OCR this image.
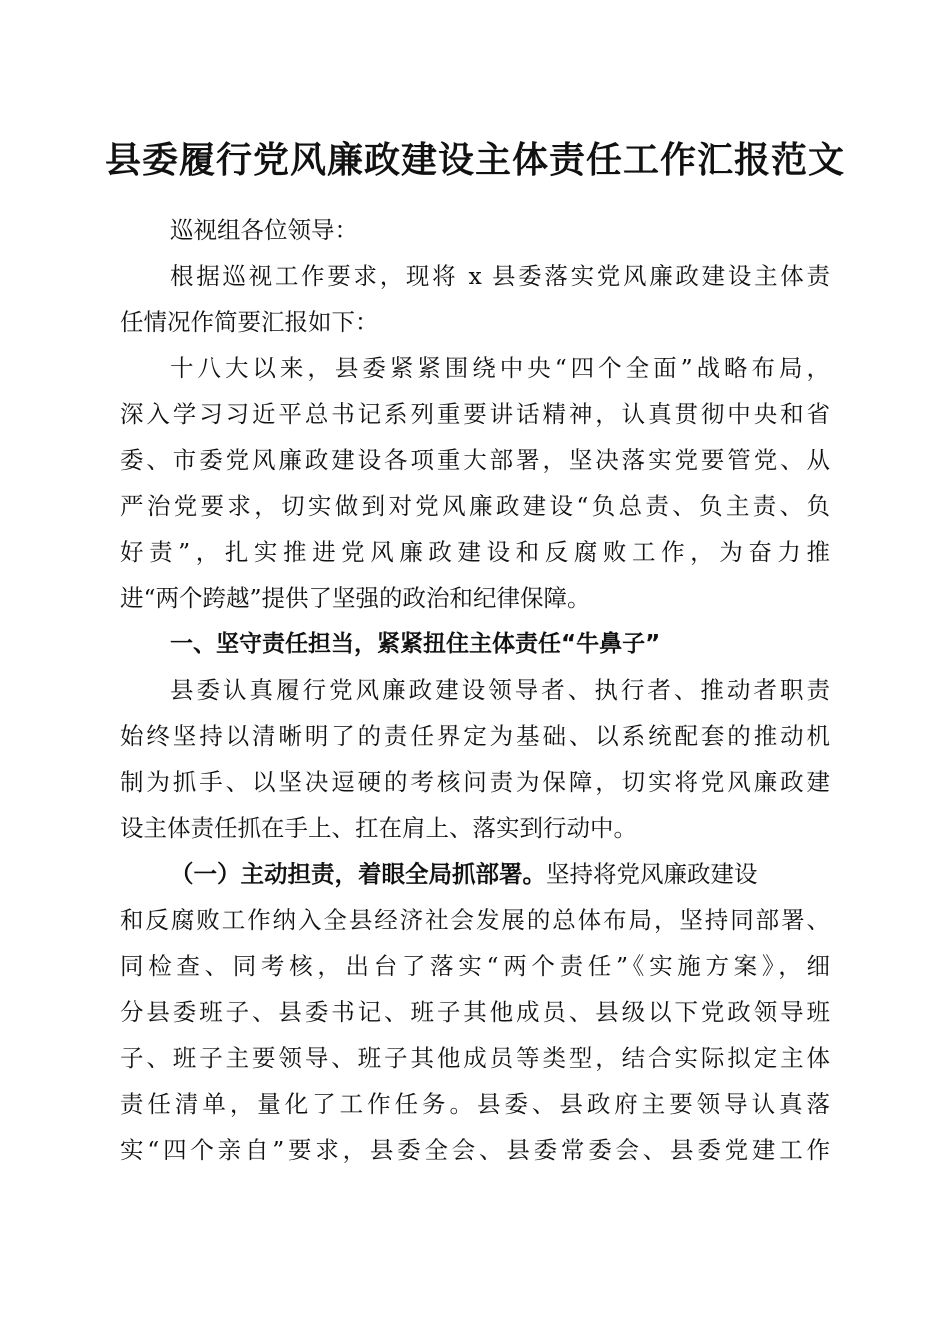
县委履行党风廉政建设主体责任工作汇报范文
巡视组各位领导：
根据巡视工作要求，现将 x 县委落实党风廉政建设主体责
任情况作简要汇报如下：
十八大以来，县委紧紧围绕中央“四个全面”战略布局，
深入学习习近平总书记系列重要讲话精神，认真贯彻中央和省
委、市委党风廉政建设各项重大部署，坚决落实党要管党、从
严治党要求，切实做到对党风廉政建设“负总责、负主责、负
好责”，扎实推进党风廉政建设和反腐败工作，为奋力推
进“两个跨越”提供了坚强的政治和纪律保障。
一、坚守责任担当，紧紧扭住主体责任“牛鼻子”
县委认真履行党风廉政建设领导者、执行者、推动者职责
始终坚持以清晰明了的责任界定为基础、以系统配套的推动机
制为抓手、以坚决逗硬的考核问责为保障，切实将党风廉政建
设主体责任抓在手上、扛在肩上、落实到行动中。
（一）主动担责，着眼全局抓部署。坚持将党风廉政建设
和反腐败工作纳入全县经济社会发展的总体布局，坚持同部署、
同检查、同考核，出台了落实“两个责任”《实施方案》，细
分县委班子、县委书记、班子其他成员、县级以下党政领导班
子、班子主要领导、班子其他成员等类型，结合实际拟定主体
责任清单，量化了工作任务。县委、县政府主要领导认真落
实“四个亲自”要求，县委全会、县委常委会、县委党建工作
